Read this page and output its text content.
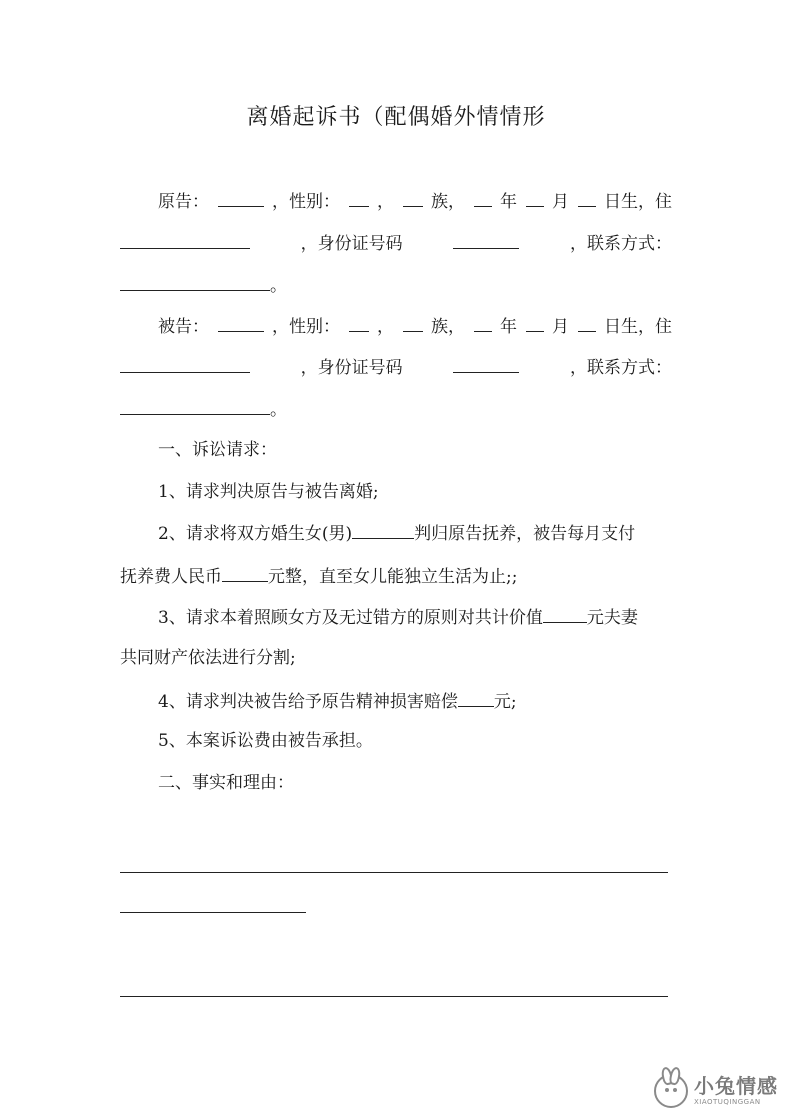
离婚起诉书（配偶婚外情情形
原告：	，性别： ， 族， 年 月 日生，住
，身份证号码	，联系方式：
。
被告：	，性别： ， 族， 年 月 日生，住
，身份证号码	，联系方式：
。
一、诉讼请求：
1、请求判决原告与被告离婚;
2、请求将双方婚生女(男)	判归原告抚养，被告每月支付
抚养费人民币	元整，直至女儿能独立生活为止;;
3、请求本着照顾女方及无过错方的原则对共计价值	元夫妻
共同财产依法进行分割;
4、请求判决被告给予原告精神损害赔偿 元;
5、本案诉讼费由被告承担。
二、事实和理由：
小兔情感
XIAOTUQINGGAN
